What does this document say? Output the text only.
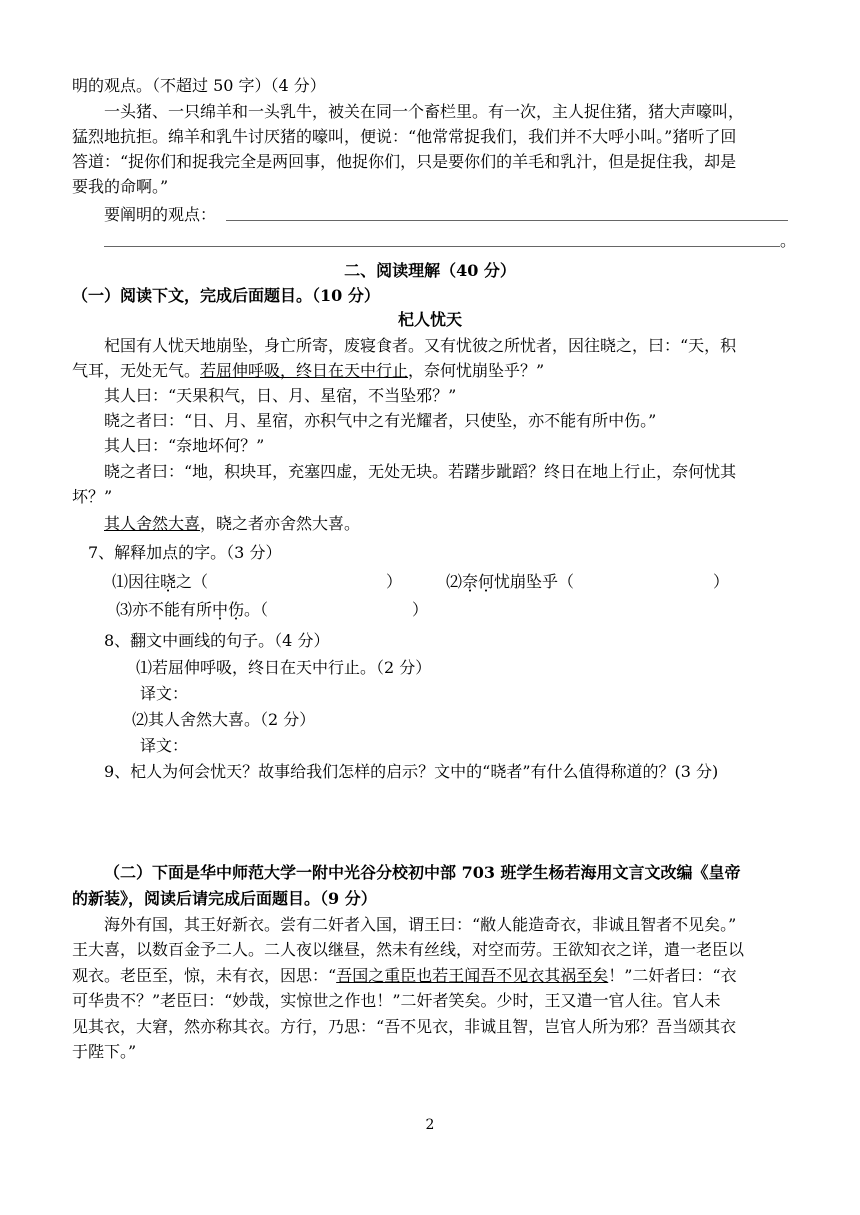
明的观点。（不超过 50 字）（4 分）
一头猪、一只绵羊和一头乳牛，被关在同一个畜栏里。有一次，主人捉住猪，猪大声嚎叫，
猛烈地抗拒。绵羊和乳牛讨厌猪的嚎叫，便说：“他常常捉我们，我们并不大呼小叫。”猪听了回
答道：“捉你们和捉我完全是两回事，他捉你们，只是要你们的羊毛和乳汁，但是捉住我，却是
要我的命啊。”
要阐明的观点：
。
二、阅读理解（40 分）
（一）阅读下文，完成后面题目。（10 分）
杞人忧天
杞国有人忧天地崩坠，身亡所寄，废寝食者。又有忧彼之所忧者，因往晓之，曰：“天，积
气耳，无处无气。若屈伸呼吸，终日在天中行止，奈何忧崩坠乎？”
其人曰：“天果积气，日、月、星宿，不当坠邪？”
晓之者曰：“日、月、星宿，亦积气中之有光耀者，只使坠，亦不能有所中伤。”
其人曰：“奈地坏何？”
晓之者曰：“地，积块耳，充塞四虚，无处无块。若躇步跐蹈？终日在地上行止，奈何忧其
坏？”
其人舍然大喜，晓之者亦舍然大喜。
7、解释加点的字。（3 分）
⑴因往晓之（	）	⑵奈何忧崩坠乎（	）
⑶亦不能有所中伤。（	）
8、翻文中画线的句子。（4 分）
⑴若屈伸呼吸，终日在天中行止。（2 分）
译文：
⑵其人舍然大喜。（2 分）
译文：
9、杞人为何会忧天？故事给我们怎样的启示？文中的“晓者”有什么值得称道的？(3 分)
（二）下面是华中师范大学一附中光谷分校初中部 703 班学生杨若海用文言文改编《皇帝
的新装》，阅读后请完成后面题目。（9 分）
海外有国，其王好新衣。尝有二奸者入国，谓王曰：“敝人能造奇衣，非诚且智者不见矣。”
王大喜，以数百金予二人。二人夜以继昼，然未有丝线，对空而劳。王欲知衣之详，遣一老臣以
观衣。老臣至，惊，未有衣，因思：“吾国之重臣也若王闻吾不见衣其祸至矣！”二奸者曰：“衣
可华贵不？”老臣曰：“妙哉，实惊世之作也！”二奸者笑矣。少时，王又遣一官人往。官人未
见其衣，大窘，然亦称其衣。方行，乃思：“吾不见衣，非诚且智，岂官人所为邪？吾当颂其衣
于陛下。”
2
